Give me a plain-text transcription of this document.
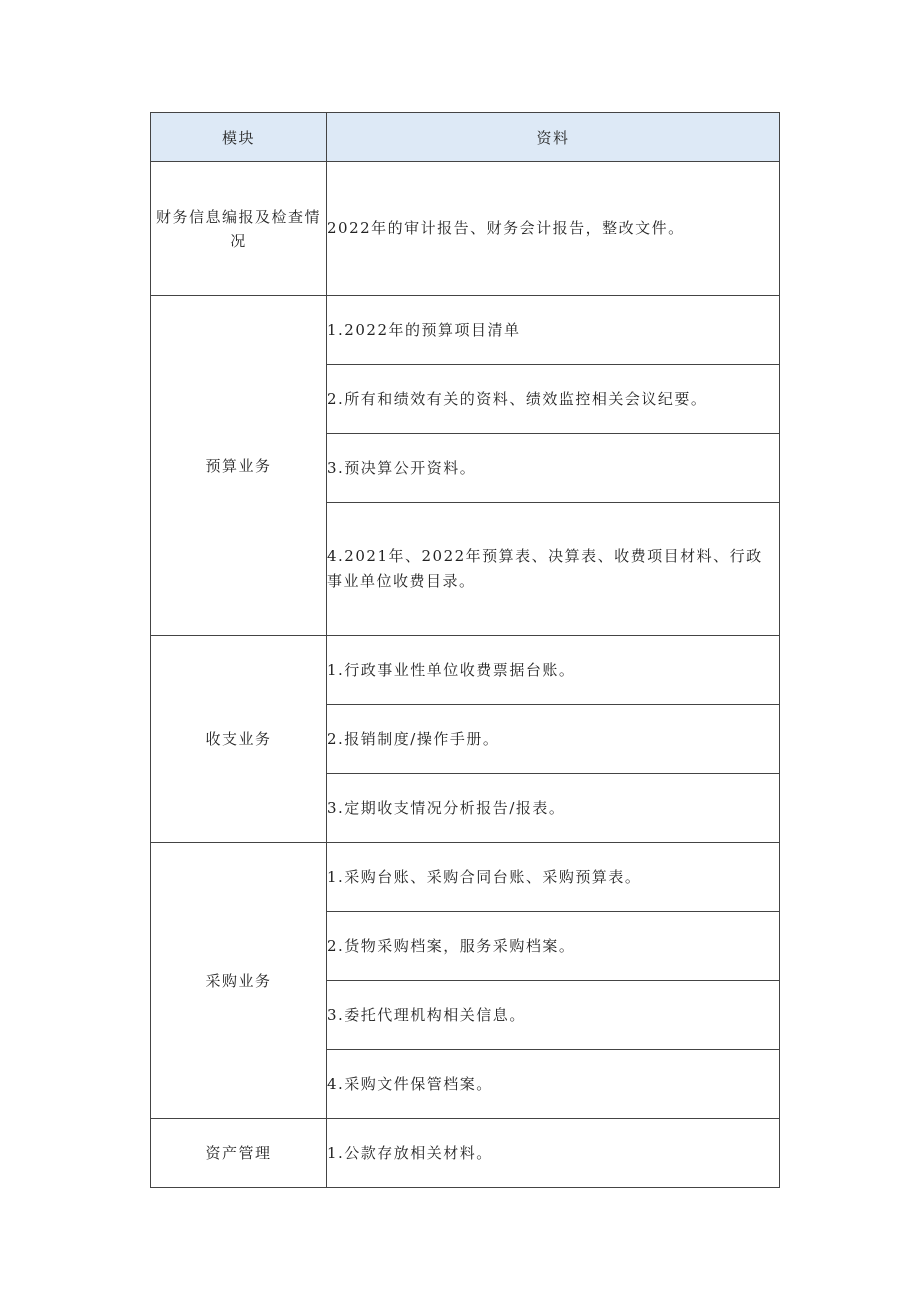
模块	资料
财务信息编报及检查情况	2022年的审计报告、财务会计报告，整改文件。
预算业务	1.2022年的预算项目清单
	2.所有和绩效有关的资料、绩效监控相关会议纪要。
	3.预决算公开资料。
	4.2021年、2022年预算表、决算表、收费项目材料、行政事业单位收费目录。
收支业务	1.行政事业性单位收费票据台账。
	2.报销制度/操作手册。
	3.定期收支情况分析报告/报表。
采购业务	1.采购台账、采购合同台账、采购预算表。
	2.货物采购档案，服务采购档案。
	3.委托代理机构相关信息。
	4.采购文件保管档案。
资产管理	1.公款存放相关材料。
